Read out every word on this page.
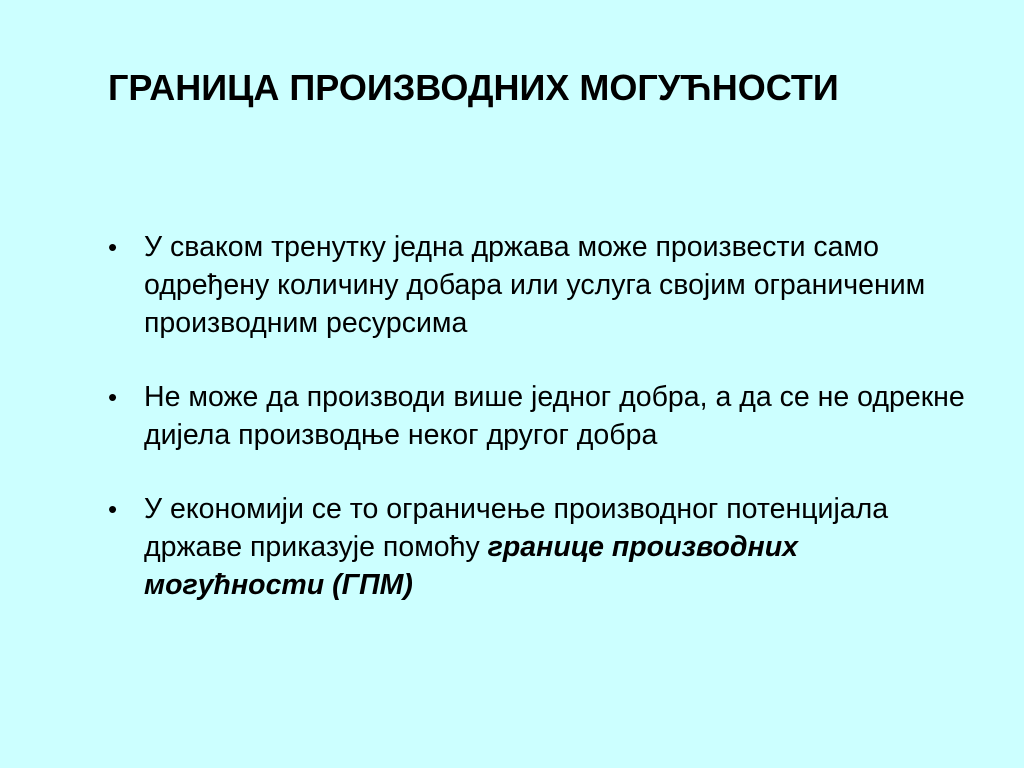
ГРАНИЦА ПРОИЗВОДНИХ МОГУЋНОСТИ
• У сваком тренутку једна држава може произвести само одређену количину добара или услуга својим ограниченим производним ресурсима
• Не може да производи више једног добра, а да се не одрекне дијела производње неког другог добра
• У економији се то ограничење производног потенцијала државе приказује помоћу границе производних могућности (ГПМ)
